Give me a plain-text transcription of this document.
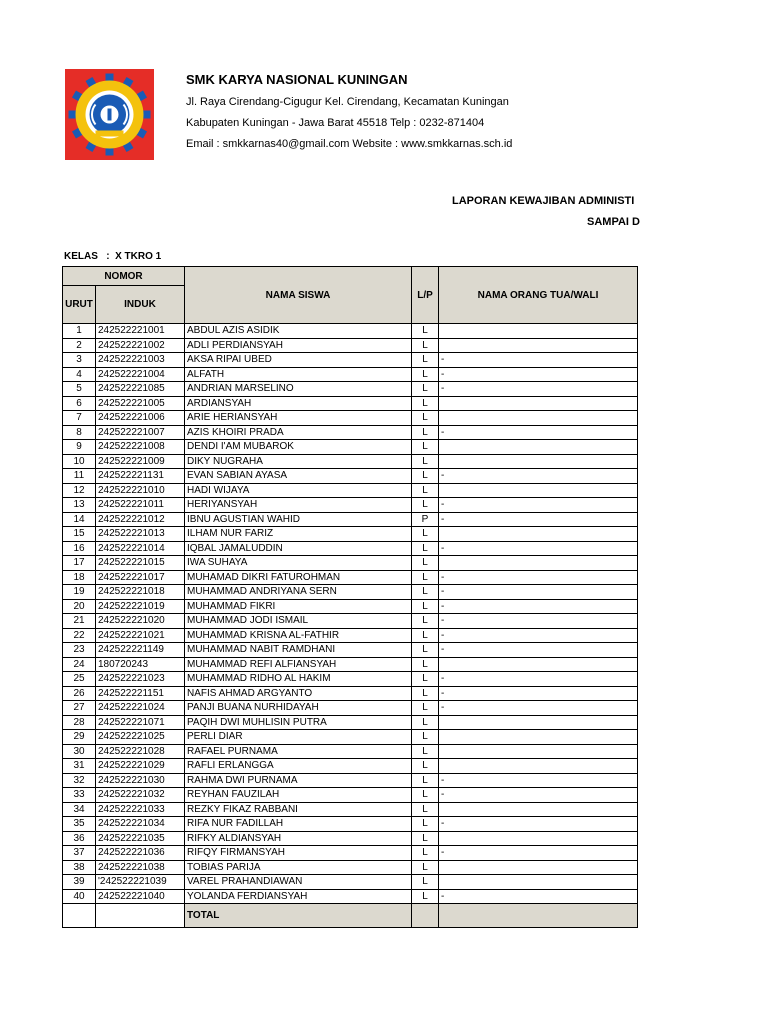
SMK KARYA NASIONAL KUNINGAN
Jl. Raya Cirendang-Cigugur Kel. Cirendang, Kecamatan Kuningan
Kabupaten Kuningan - Jawa Barat 45518 Telp : 0232-871404
Email : smkkarnas40@gmail.com Website : www.smkkarnas.sch.id
LAPORAN KEWAJIBAN ADMINISTI
SAMPAI D
KELAS   :  X TKRO 1
NOMOR		NAMA SISWA	L/P	NAMA ORANG TUA/WALI
URUT	INDUK			
1	242522221001	ABDUL AZIS ASIDIK	L	
2	242522221002	ADLI PERDIANSYAH	L	
3	242522221003	AKSA RIPAI UBED	L	-
4	242522221004	ALFATH	L	-
5	242522221085	ANDRIAN MARSELINO	L	-
6	242522221005	ARDIANSYAH	L	
7	242522221006	ARIE HERIANSYAH	L	
8	242522221007	AZIS KHOIRI PRADA	L	-
9	242522221008	DENDI I'AM MUBAROK	L	
10	242522221009	DIKY NUGRAHA	L	
11	242522221131	EVAN SABIAN AYASA	L	-
12	242522221010	HADI WIJAYA	L	
13	242522221011	HERIYANSYAH	L	-
14	242522221012	IBNU AGUSTIAN WAHID	P	-
15	242522221013	ILHAM NUR FARIZ	L	
16	242522221014	IQBAL JAMALUDDIN	L	-
17	242522221015	IWA SUHAYA	L	
18	242522221017	MUHAMAD DIKRI FATUROHMAN	L	-
19	242522221018	MUHAMMAD ANDRIYANA SERN	L	-
20	242522221019	MUHAMMAD FIKRI	L	-
21	242522221020	MUHAMMAD JODI ISMAIL	L	-
22	242522221021	MUHAMMAD KRISNA AL-FATHIR	L	-
23	242522221149	MUHAMMAD NABIT RAMDHANI	L	-
24	180720243	MUHAMMAD REFI ALFIANSYAH	L	
25	242522221023	MUHAMMAD RIDHO AL HAKIM	L	-
26	242522221151	NAFIS AHMAD ARGYANTO	L	-
27	242522221024	PANJI BUANA NURHIDAYAH	L	-
28	242522221071	PAQIH DWI MUHLISIN PUTRA	L	
29	242522221025	PERLI DIAR	L	
30	242522221028	RAFAEL PURNAMA	L	
31	242522221029	RAFLI ERLANGGA	L	
32	242522221030	RAHMA DWI PURNAMA	L	-
33	242522221032	REYHAN FAUZILAH	L	-
34	242522221033	REZKY FIKAZ RABBANI	L	
35	242522221034	RIFA NUR FADILLAH	L	-
36	242522221035	RIFKY ALDIANSYAH	L	
37	242522221036	RIFQY FIRMANSYAH	L	-
38	242522221038	TOBIAS PARIJA	L	
39	'242522221039	VAREL PRAHANDIAWAN	L	
40	242522221040	YOLANDA FERDIANSYAH	L	-
		TOTAL		
